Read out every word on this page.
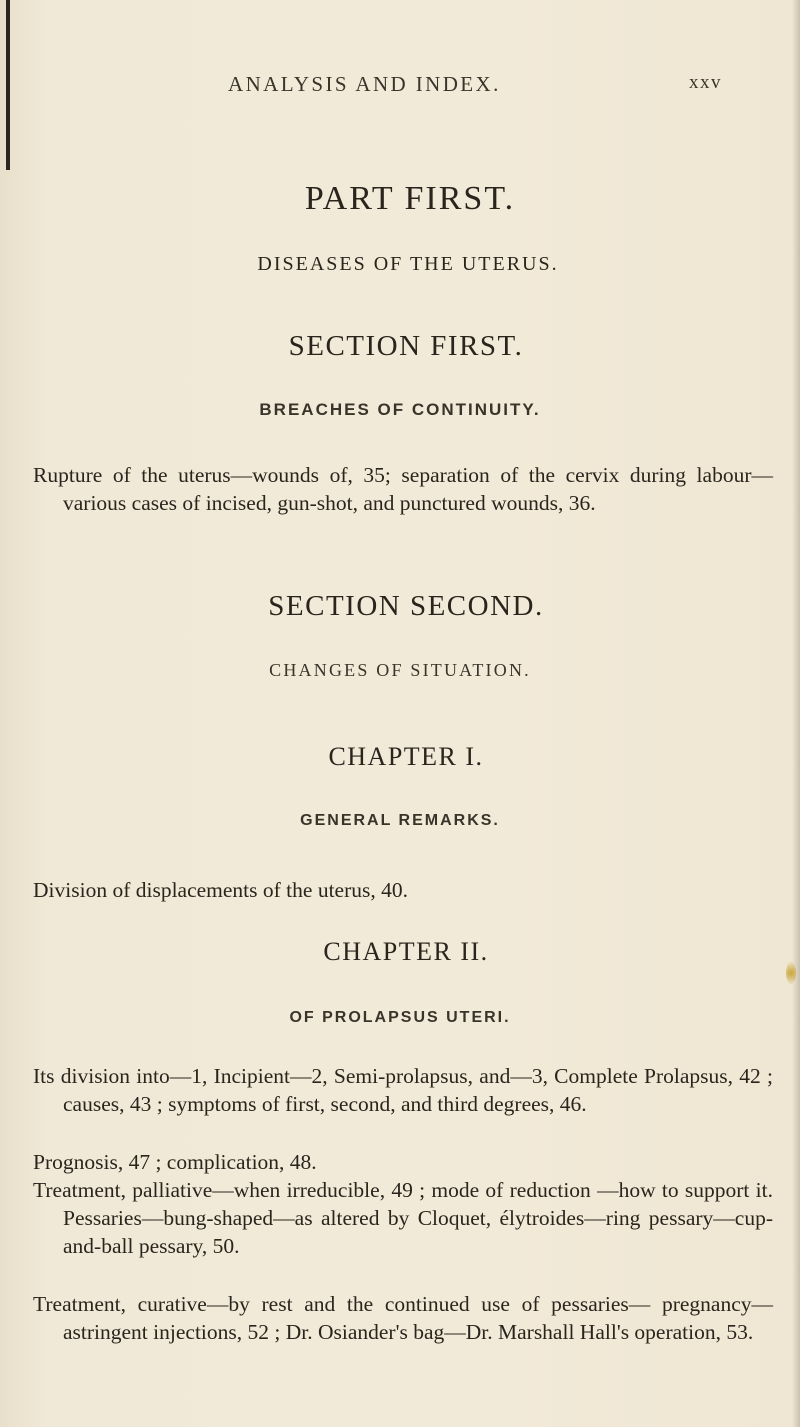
ANALYSIS AND INDEX.	xxv
PART FIRST.
DISEASES OF THE UTERUS.
SECTION FIRST.
BREACHES OF CONTINUITY.

Rupture of the uterus—wounds of, 35; separation of the cervix during labour—various cases of incised, gun-shot, and punctured wounds, 36.

SECTION SECOND.
CHANGES OF SITUATION.
CHAPTER I.
GENERAL REMARKS.

Division of displacements of the uterus, 40.

CHAPTER II.
OF PROLAPSUS UTERI.

Its division into—1, Incipient—2, Semi-prolapsus, and—3, Complete Prolapsus, 42 ; causes, 43 ; symptoms of first, second, and third degrees, 46.

Prognosis, 47 ; complication, 48.

Treatment, palliative—when irreducible, 49 ; mode of reduction —how to support it. Pessaries—bung-shaped—as altered by Cloquet, élytroides—ring pessary—cup-and-ball pessary, 50.

Treatment, curative—by rest and the continued use of pessaries— pregnancy—astringent injections, 52 ; Dr. Osiander's bag—Dr. Marshall Hall's operation, 53.
